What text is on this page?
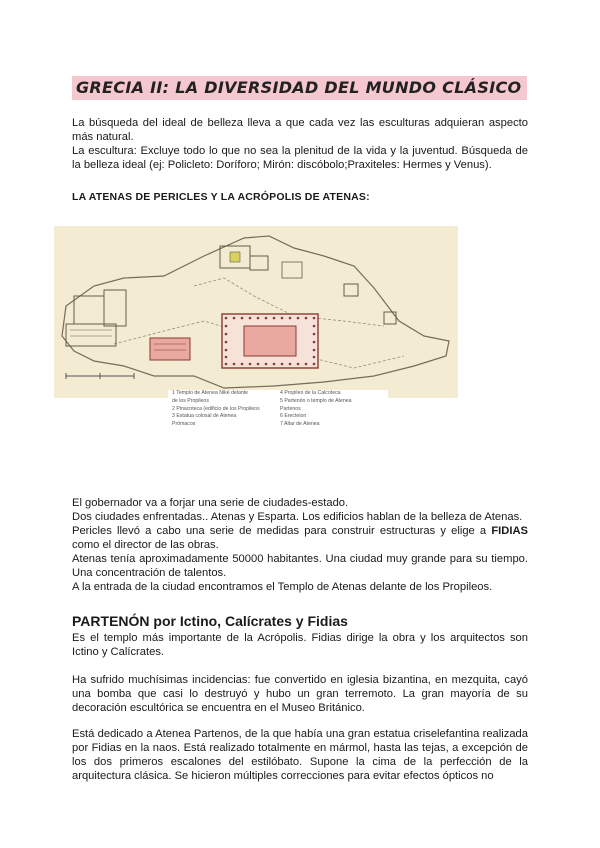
GRECIA II: LA DIVERSIDAD DEL MUNDO CLÁSICO

La búsqueda del ideal de belleza lleva a que cada vez las esculturas adquieran aspecto más natural.

La escultura: Excluye todo lo que no sea la plenitud de la vida y la juventud. Búsqueda de la belleza ideal (ej: Policleto: Doríforo; Mirón: discóbolo;Praxiteles: Hermes y Venus).

LA ATENAS DE PERICLES Y LA ACRÓPOLIS DE ATENAS:

1 Templo de Atenea Niké delante
de los Propileos
2 Pinacoteca (edificio de los Propileos
3 Estatua colosal de Atenea
Prómacos
4 Propileo de la Calcoteca
5 Partenón o templo de Atenea
Partenos
6 Erecteion
7 Altar de Atenea

El gobernador va a forjar una serie de ciudades-estado.

Dos ciudades enfrentadas.. Atenas y Esparta. Los edificios hablan de la belleza de Atenas.

Pericles llevó a cabo una serie de medidas para construir estructuras y elige a FIDIAS como el director de las obras.

Atenas tenía aproximadamente 50000 habitantes. Una ciudad muy grande para su tiempo. Una concentración de talentos.

A la entrada de la ciudad encontramos el Templo de Atenas delante de los Propileos.

PARTENÓN por Ictino, Calícrates y Fidias

Es el templo más importante de la Acrópolis. Fidias dirige la obra y los arquitectos son Ictino y Calícrates.

Ha sufrido muchísimas incidencias: fue convertido en iglesia bizantina, en mezquita, cayó una bomba que casi lo destruyó y hubo un gran terremoto. La gran mayoría de su decoración escultórica se encuentra en el Museo Británico.

Está dedicado a Atenea Partenos, de la que había una gran estatua criselefantina realizada por Fidias en la naos. Está realizado totalmente en mármol, hasta las tejas, a excepción de los dos primeros escalones del estilóbato. Supone la cima de la perfección de la arquitectura clásica. Se hicieron múltiples correcciones para evitar efectos ópticos no
